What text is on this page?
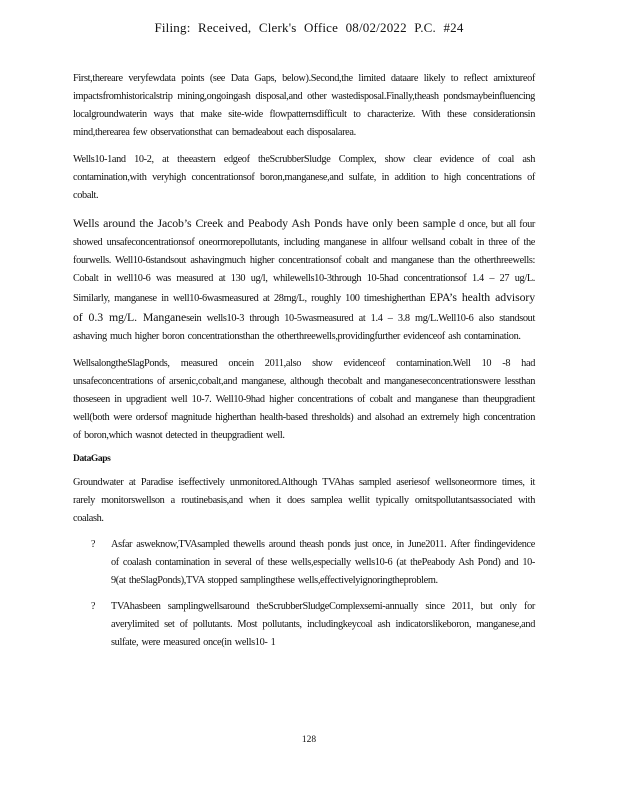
Filing: Received, Clerk's Office 08/02/2022 P.C. #24

First,thereare veryfewdata points (see Data Gaps, below).Second,the limited dataare likely to reflect amixtureof impactsfromhistoricalstrip mining,ongoingash disposal,and other wastedisposal.Finally,theash pondsmaybeinfluencing localgroundwaterin ways that make site-wide flowpatternsdifficult to characterize. With these considerationsin mind,therearea few observationsthat can bemadeabout each disposalarea.

Wells10-1and 10-2, at theeastern edgeof theScrubberSludge Complex, show clear evidence of coal ash contamination,with veryhigh concentrationsof boron,manganese,and sulfate, in addition to high concentrations of cobalt.

Wells around the Jacob’s Creek and Peabody Ash Ponds have only been sample d once, but all four showed unsafeconcentrationsof oneormorepollutants, including manganese in allfour wellsand cobalt in three of the fourwells. Well10-6standsout ashavingmuch higher concentrationsof cobalt and manganese than the otherthreewells: Cobalt in well10-6 was measured at 130 ug/l, whilewells10-3through 10-5had concentrationsof 1.4 – 27 ug/L. Similarly, manganese in well10-6wasmeasured at 28mg/L, roughly 100 timeshigherthan EPA’s health advisory of 0.3 mg/L. Manganesein wells10-3 through 10-5wasmeasured at 1.4 – 3.8 mg/L.Well10-6 also standsout ashaving much higher boron concentrationsthan the otherthreewells,providingfurther evidenceof ash contamination.

WellsalongtheSlagPonds, measured oncein 2011,also show evidenceof contamination.Well 10 -8 had unsafeconcentrations of arsenic,cobalt,and manganese, although thecobalt and manganeseconcentrationswere lessthan thoseseen in upgradient well 10-7. Well10-9had higher concentrations of cobalt and manganese than theupgradient well(both were ordersof magnitude higherthan health-based thresholds) and alsohad an extremely high concentration of boron,which wasnot detected in theupgradient well.

DataGaps

Groundwater at Paradise iseffectively unmonitored.Although TVAhas sampled aseriesof wellsoneormore times, it rarely monitorswellson a routinebasis,and when it does samplea wellit typically omitspollutantsassociated with coalash.

? Asfar asweknow,TVAsampled thewells around theash ponds just once, in June2011. After findingevidence of coalash contamination in several of these wells,especially wells10-6 (at thePeabody Ash Pond) and 10-9(at theSlagPonds),TVA stopped samplingthese wells,effectivelyignoringtheproblem.
? TVAhasbeen samplingwellsaround theScrubberSludgeComplexsemi-annually since 2011, but only for averylimited set of pollutants. Most pollutants, includingkeycoal ash indicatorslikeboron, manganese,and sulfate, were measured once(in wells10- 1
128
